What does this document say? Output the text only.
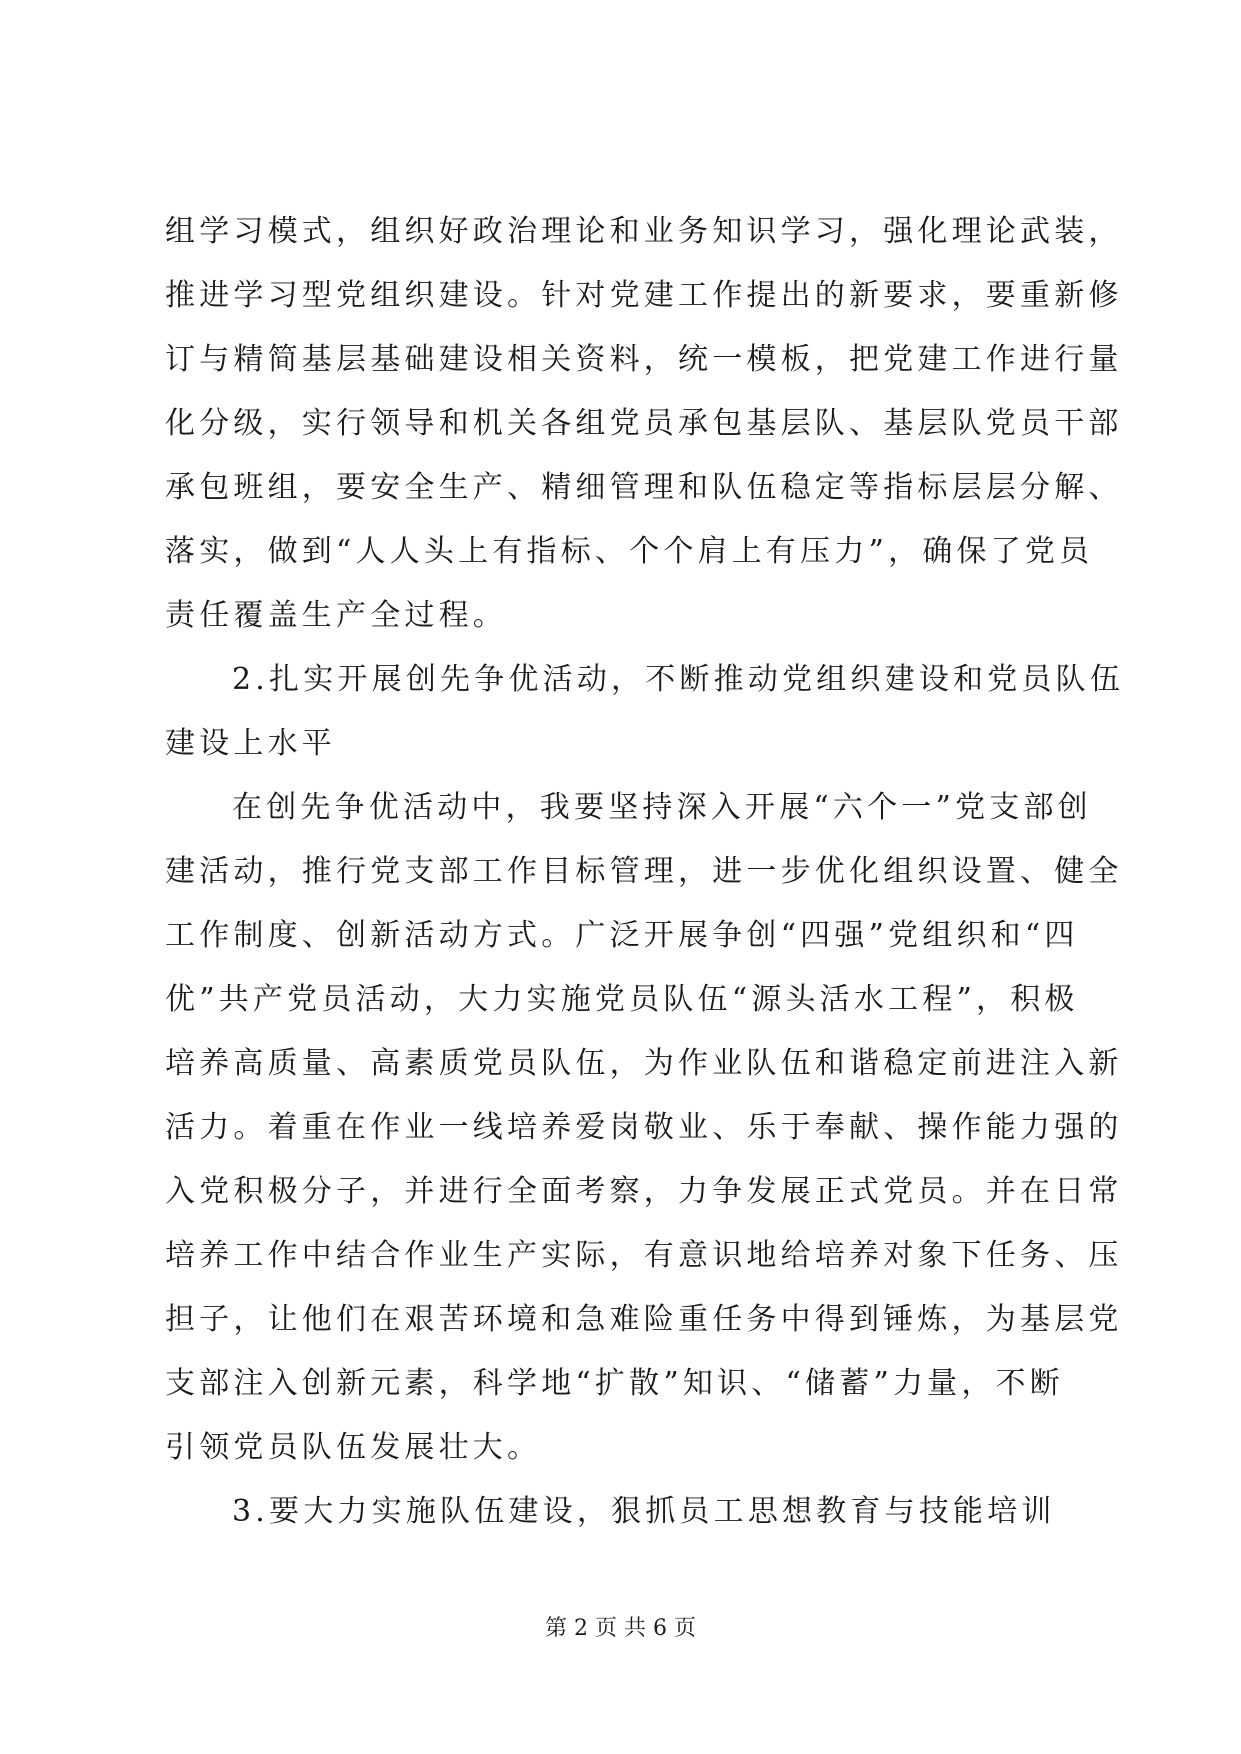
组学习模式，组织好政治理论和业务知识学习，强化理论武装，
推进学习型党组织建设。针对党建工作提出的新要求，要重新修
订与精简基层基础建设相关资料，统一模板，把党建工作进行量
化分级，实行领导和机关各组党员承包基层队、基层队党员干部
承包班组，要安全生产、精细管理和队伍稳定等指标层层分解、
落实，做到“人人头上有指标、个个肩上有压力”，确保了党员
责任覆盖生产全过程。
2.扎实开展创先争优活动，不断推动党组织建设和党员队伍
建设上水平
在创先争优活动中，我要坚持深入开展“六个一”党支部创
建活动，推行党支部工作目标管理，进一步优化组织设置、健全
工作制度、创新活动方式。广泛开展争创“四强”党组织和“四
优”共产党员活动，大力实施党员队伍“源头活水工程”，积极
培养高质量、高素质党员队伍，为作业队伍和谐稳定前进注入新
活力。着重在作业一线培养爱岗敬业、乐于奉献、操作能力强的
入党积极分子，并进行全面考察，力争发展正式党员。并在日常
培养工作中结合作业生产实际，有意识地给培养对象下任务、压
担子，让他们在艰苦环境和急难险重任务中得到锤炼，为基层党
支部注入创新元素，科学地“扩散”知识、“储蓄”力量，不断
引领党员队伍发展壮大。
3.要大力实施队伍建设，狠抓员工思想教育与技能培训
第 2 页 共 6 页
